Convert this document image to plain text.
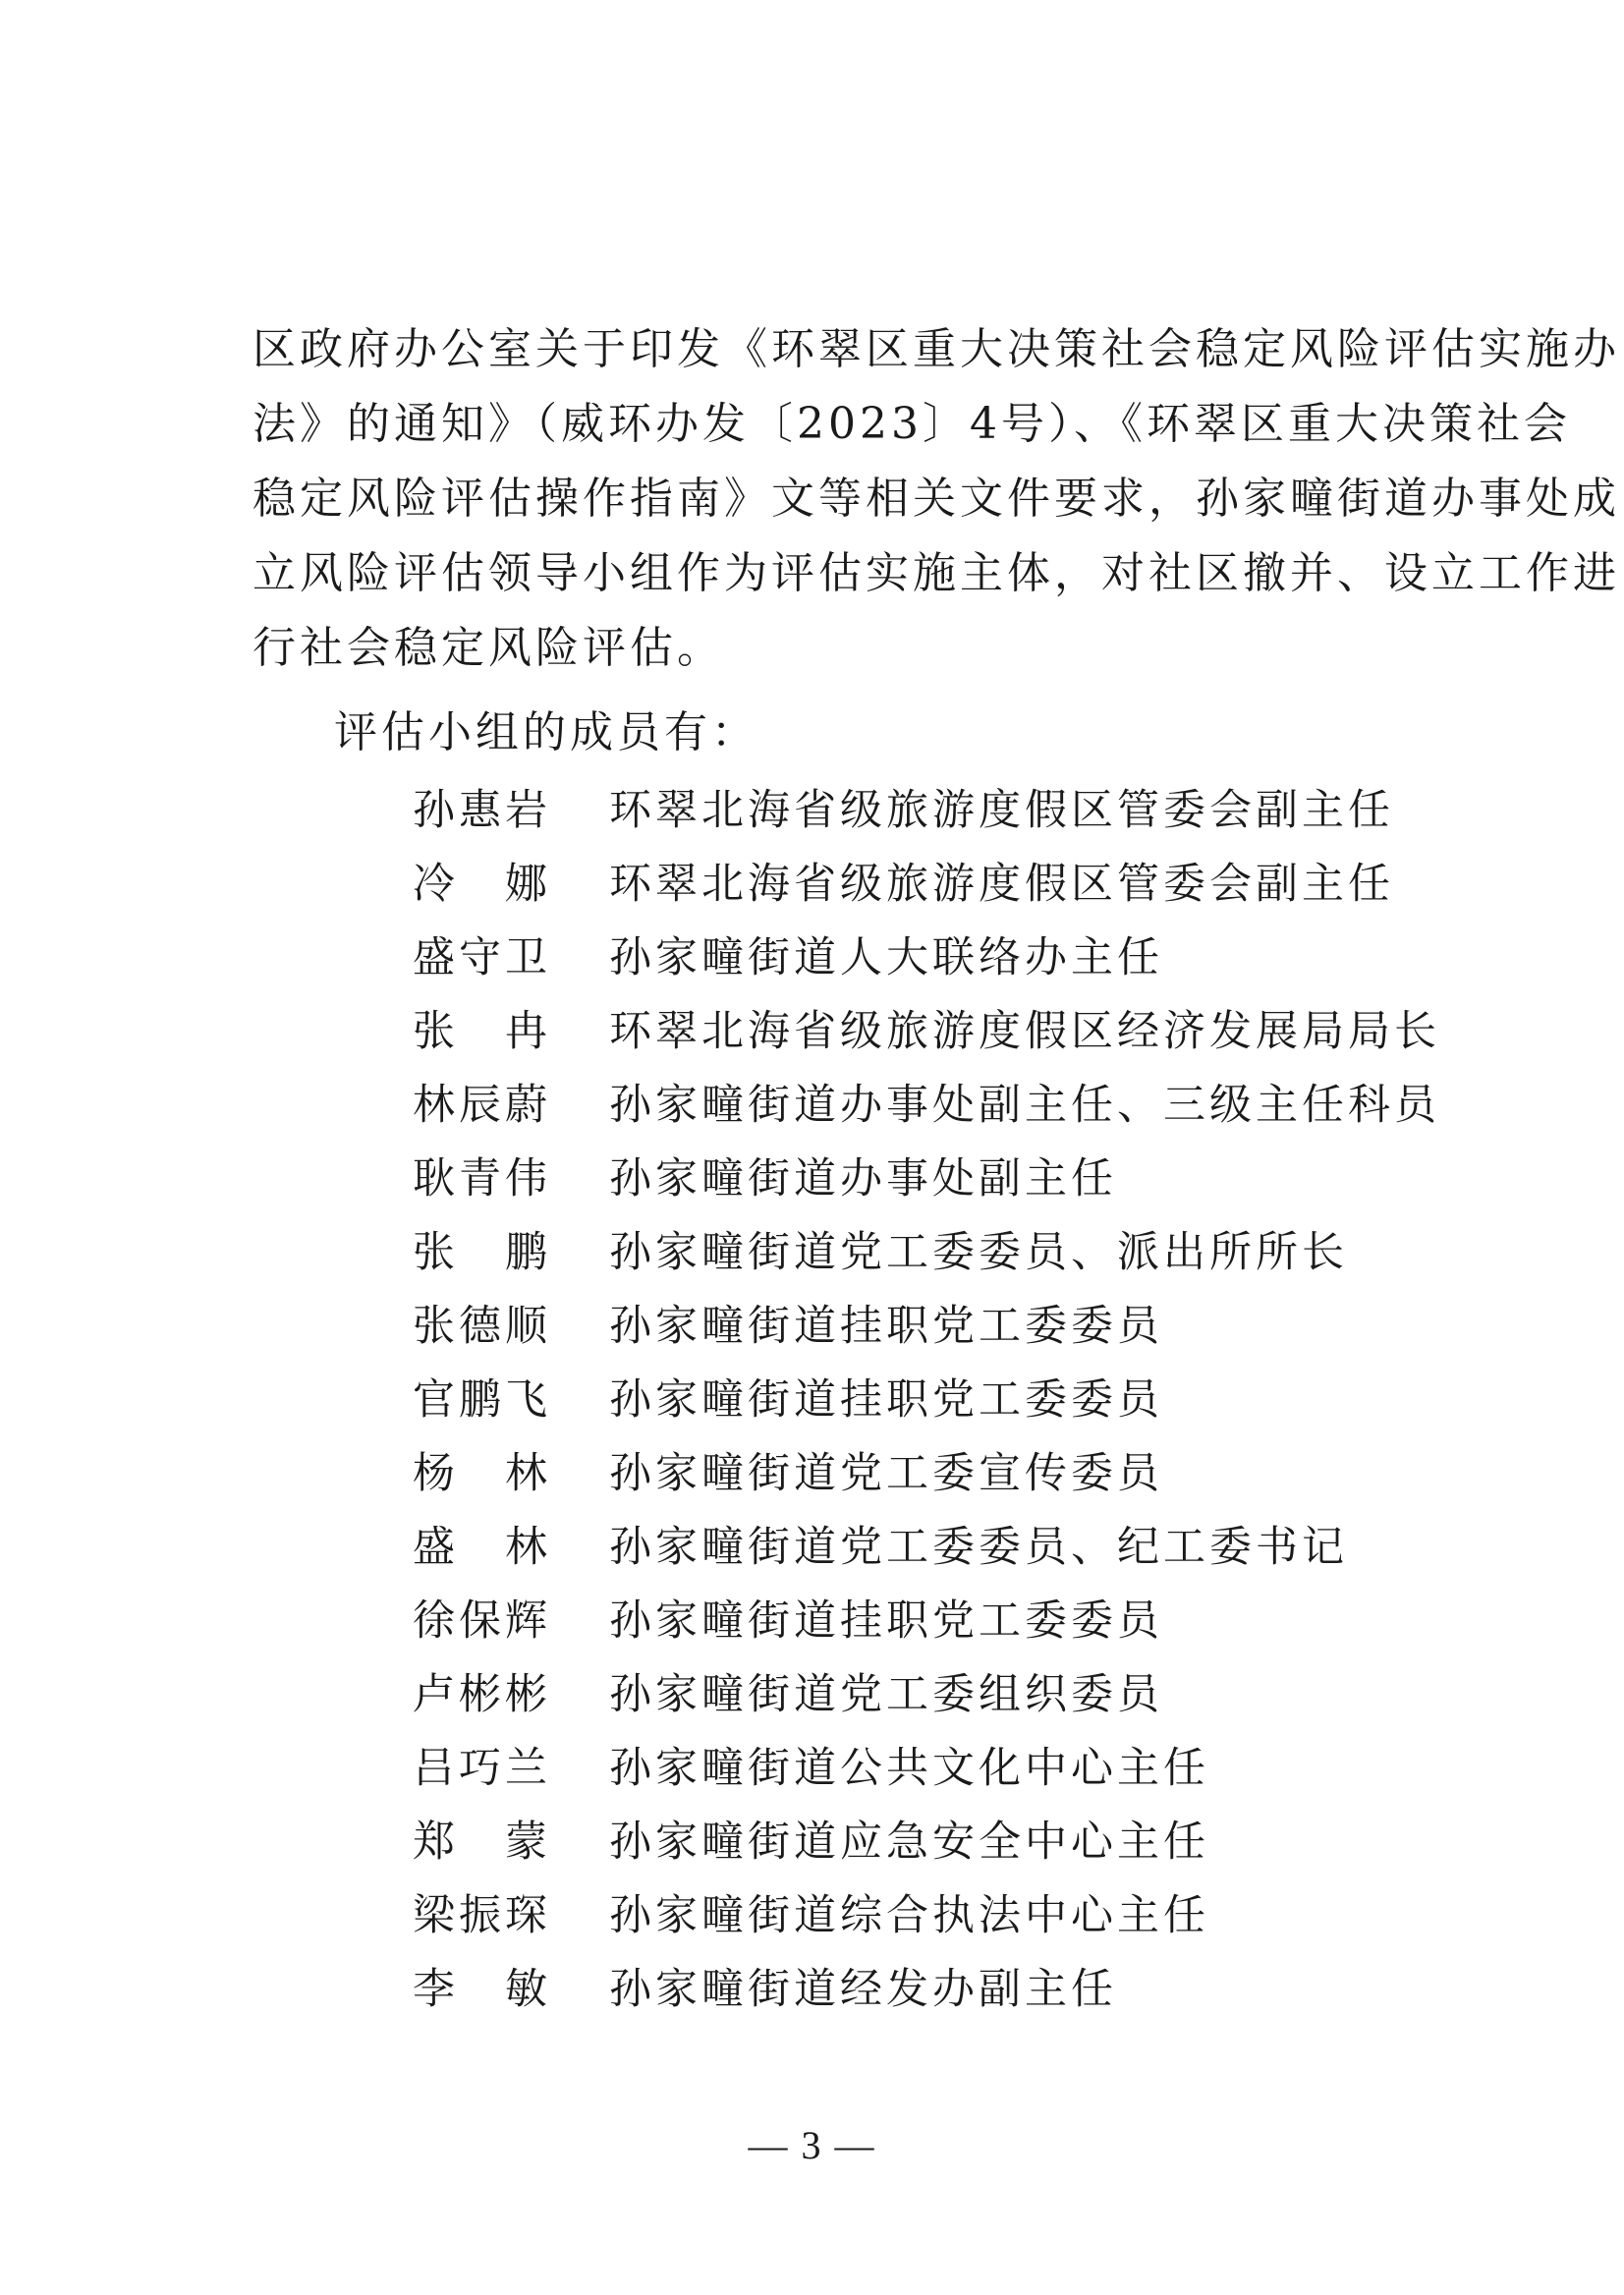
区政府办公室关于印发《环翠区重大决策社会稳定风险评估实施办
法》的通知》（威环办发〔2023〕4号）、《环翠区重大决策社会
稳定风险评估操作指南》文等相关文件要求，孙家疃街道办事处成
立风险评估领导小组作为评估实施主体，对社区撤并、设立工作进
行社会稳定风险评估。

评估小组的成员有：
孙惠岩	环翠北海省级旅游度假区管委会副主任
冷　娜	环翠北海省级旅游度假区管委会副主任
盛守卫	孙家疃街道人大联络办主任
张　冉	环翠北海省级旅游度假区经济发展局局长
林辰蔚	孙家疃街道办事处副主任、三级主任科员
耿青伟	孙家疃街道办事处副主任
张　鹏	孙家疃街道党工委委员、派出所所长
张德顺	孙家疃街道挂职党工委委员
官鹏飞	孙家疃街道挂职党工委委员
杨　林	孙家疃街道党工委宣传委员
盛　林	孙家疃街道党工委委员、纪工委书记
徐保辉	孙家疃街道挂职党工委委员
卢彬彬	孙家疃街道党工委组织委员
吕巧兰	孙家疃街道公共文化中心主任
郑　蒙	孙家疃街道应急安全中心主任
梁振琛	孙家疃街道综合执法中心主任
李　敏	孙家疃街道经发办副主任
— 3 —
